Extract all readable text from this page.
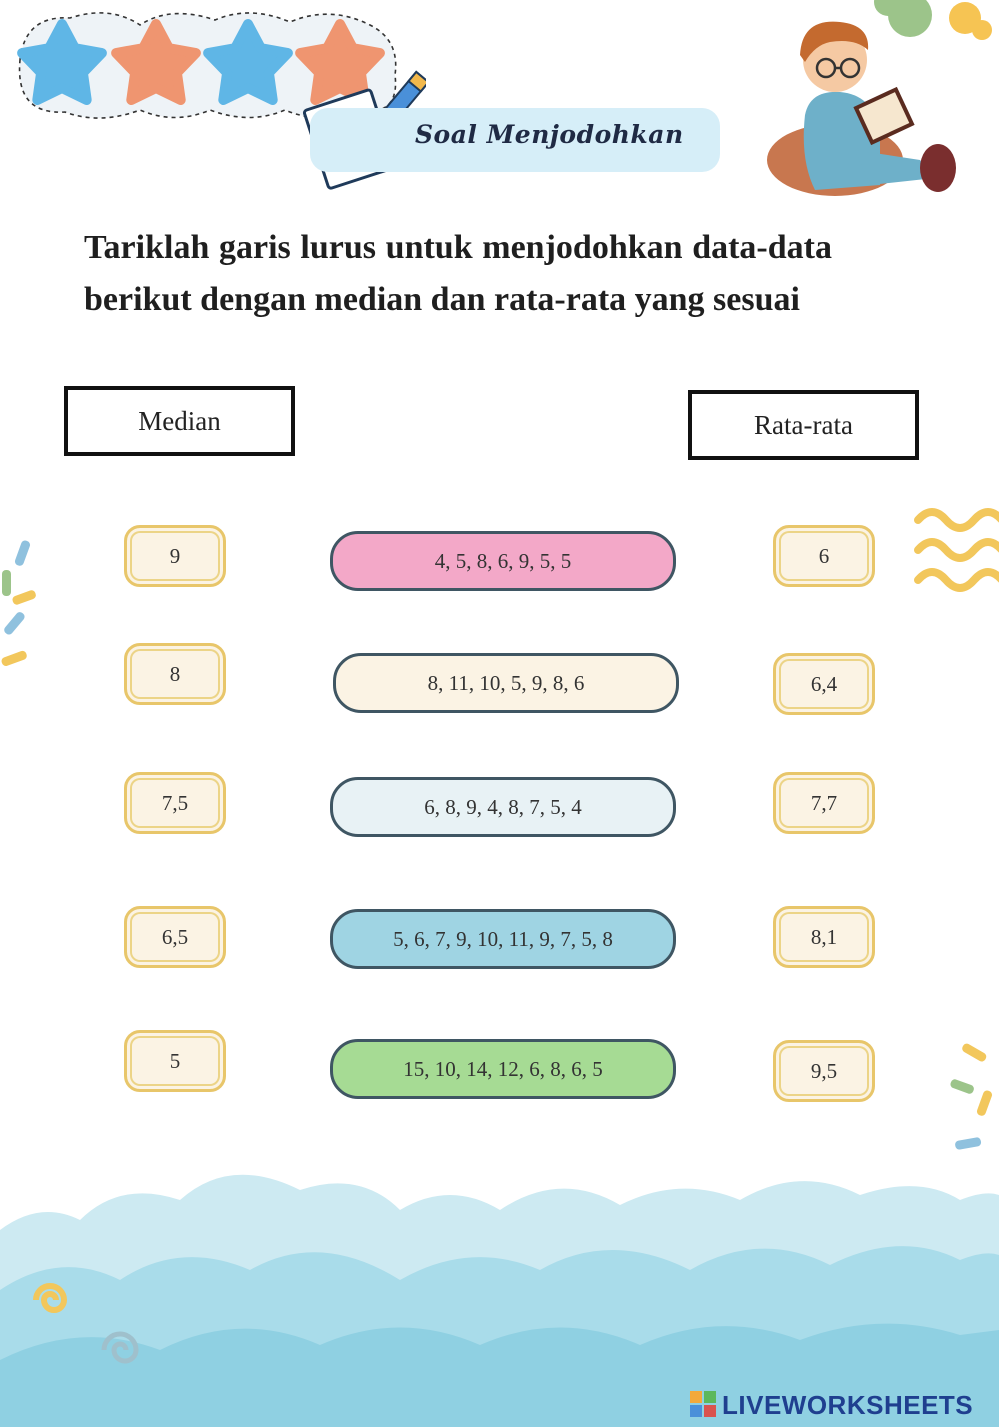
Soal Menjodohkan
Tariklah garis lurus untuk menjodohkan data-data berikut dengan median dan rata-rata yang sesuai
Median	Rata-rata
9
8
7,5
6,5
5
4, 5, 8, 6, 9, 5, 5
8, 11, 10, 5, 9, 8, 6
6, 8, 9, 4, 8, 7, 5, 4
5, 6, 7, 9, 10, 11, 9, 7, 5, 8
15, 10, 14, 12, 6, 8, 6, 5
6
6,4
7,7
8,1
9,5
LIVEWORKSHEETS
